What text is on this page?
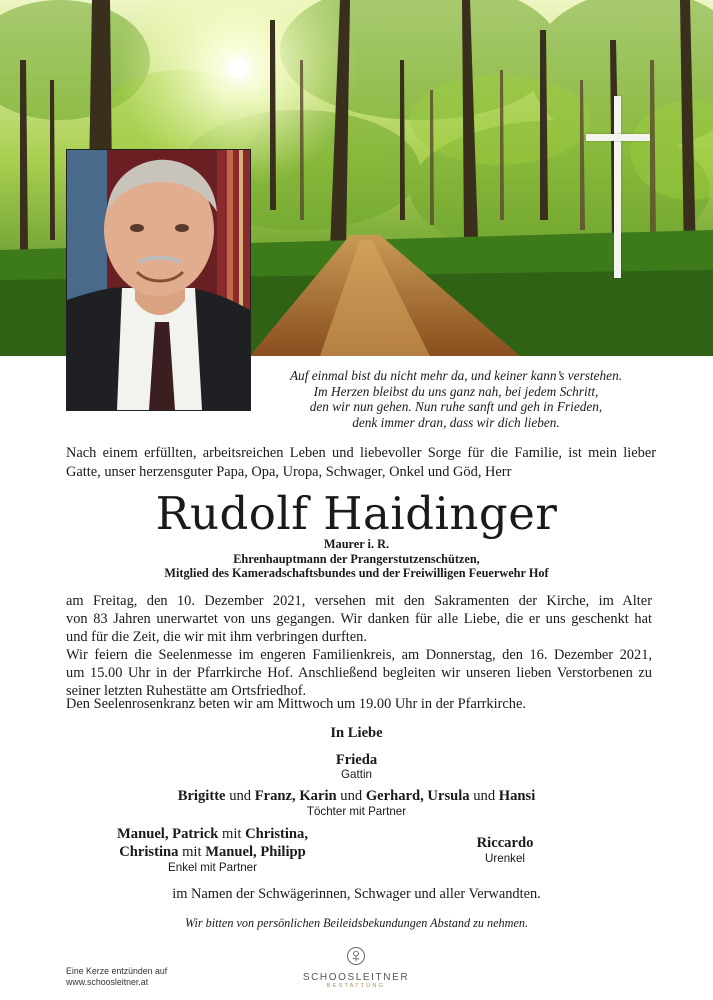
Auf einmal bist du nicht mehr da, und keiner kann’s verstehen.
Im Herzen bleibst du uns ganz nah, bei jedem Schritt,
den wir nun gehen. Nun ruhe sanft und geh in Frieden,
denk immer dran, dass wir dich lieben.
Nach einem erfüllten, arbeitsreichen Leben und liebevoller Sorge für die Familie, ist mein lieber
Gatte, unser herzensguter Papa, Opa, Uropa, Schwager, Onkel und Göd, Herr
Rudolf Haidinger
Maurer i. R.
Ehrenhauptmann der Prangerstutzenschützen,
Mitglied des Kameradschaftsbundes und der Freiwilligen Feuerwehr Hof
am Freitag, den 10. Dezember 2021, versehen mit den Sakramenten der Kirche, im Alter
von 83 Jahren unerwartet von uns gegangen. Wir danken für alle Liebe, die er uns geschenkt hat
und für die Zeit, die wir mit ihm verbringen durften.
Wir feiern die Seelenmesse im engeren Familienkreis, am Donnerstag, den 16. Dezember 2021,
um 15.00 Uhr in der Pfarrkirche Hof. Anschließend begleiten wir unseren lieben Verstorbenen zu
seiner letzten Ruhestätte am Ortsfriedhof.
Den Seelenrosenkranz beten wir am Mittwoch um 19.00 Uhr in der Pfarrkirche.
In Liebe
Frieda
Gattin
Brigitte und Franz, Karin und Gerhard, Ursula und Hansi
Töchter mit Partner
Manuel, Patrick mit Christina,
Christina mit Manuel, Philipp
Enkel mit Partner
Riccardo
Urenkel
im Namen der Schwägerinnen, Schwager und aller Verwandten.
Wir bitten von persönlichen Beileidsbekundungen Abstand zu nehmen.
Eine Kerze entzünden auf
www.schoosleitner.at	SCHOOSLEITNER
BESTATTUNG
